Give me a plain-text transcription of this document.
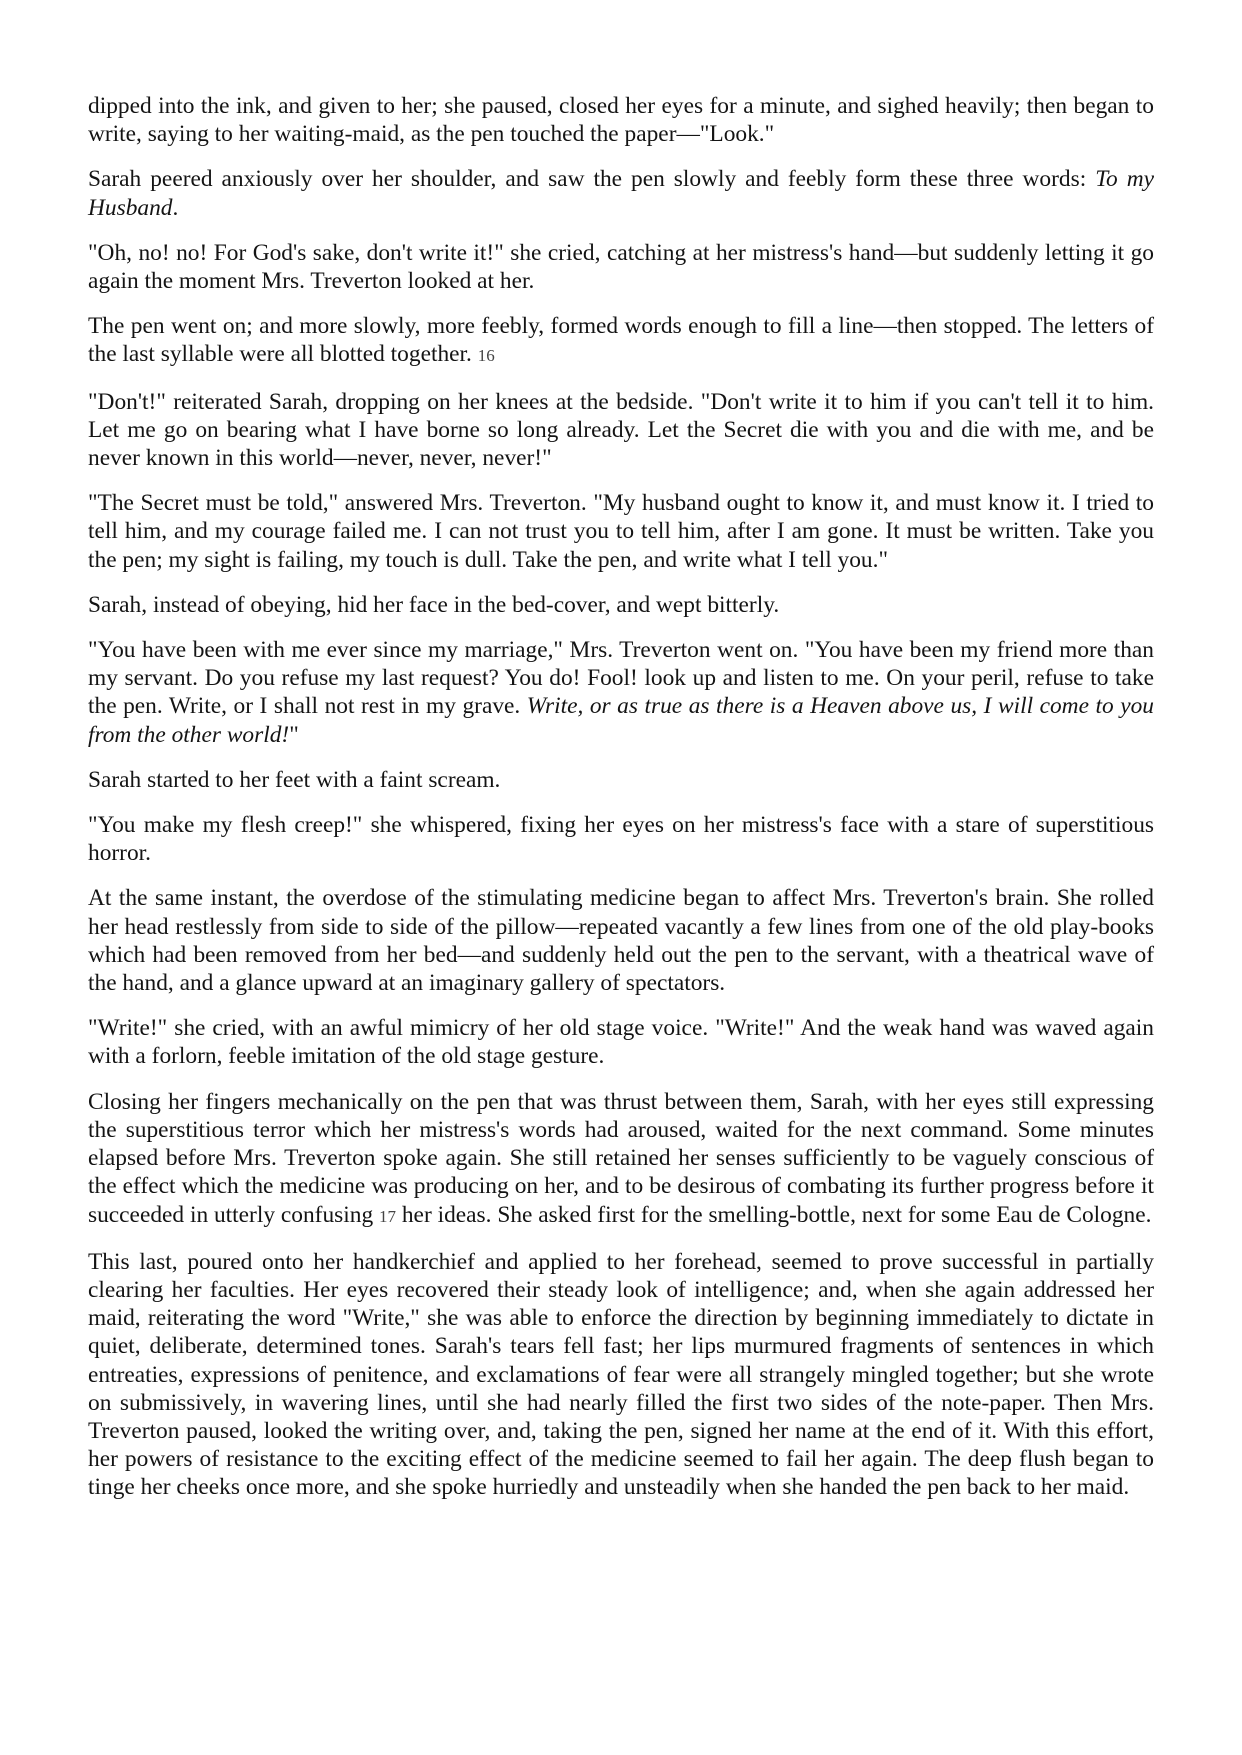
dipped into the ink, and given to her; she paused, closed her eyes for a minute, and sighed heavily; then began to write, saying to her waiting-maid, as the pen touched the paper—"Look."

Sarah peered anxiously over her shoulder, and saw the pen slowly and feebly form these three words: To my Husband.

"Oh, no! no! For God's sake, don't write it!" she cried, catching at her mistress's hand—but suddenly letting it go again the moment Mrs. Treverton looked at her.

The pen went on; and more slowly, more feebly, formed words enough to fill a line—then stopped. The letters of the last syllable were all blotted together. 16

"Don't!" reiterated Sarah, dropping on her knees at the bedside. "Don't write it to him if you can't tell it to him. Let me go on bearing what I have borne so long already. Let the Secret die with you and die with me, and be never known in this world—never, never, never!"

"The Secret must be told," answered Mrs. Treverton. "My husband ought to know it, and must know it. I tried to tell him, and my courage failed me. I can not trust you to tell him, after I am gone. It must be written. Take you the pen; my sight is failing, my touch is dull. Take the pen, and write what I tell you."

Sarah, instead of obeying, hid her face in the bed-cover, and wept bitterly.

"You have been with me ever since my marriage," Mrs. Treverton went on. "You have been my friend more than my servant. Do you refuse my last request? You do! Fool! look up and listen to me. On your peril, refuse to take the pen. Write, or I shall not rest in my grave. Write, or as true as there is a Heaven above us, I will come to you from the other world!"

Sarah started to her feet with a faint scream.

"You make my flesh creep!" she whispered, fixing her eyes on her mistress's face with a stare of superstitious horror.

At the same instant, the overdose of the stimulating medicine began to affect Mrs. Treverton's brain. She rolled her head restlessly from side to side of the pillow—repeated vacantly a few lines from one of the old play-books which had been removed from her bed—and suddenly held out the pen to the servant, with a theatrical wave of the hand, and a glance upward at an imaginary gallery of spectators.

"Write!" she cried, with an awful mimicry of her old stage voice. "Write!" And the weak hand was waved again with a forlorn, feeble imitation of the old stage gesture.

Closing her fingers mechanically on the pen that was thrust between them, Sarah, with her eyes still expressing the superstitious terror which her mistress's words had aroused, waited for the next command. Some minutes elapsed before Mrs. Treverton spoke again. She still retained her senses sufficiently to be vaguely conscious of the effect which the medicine was producing on her, and to be desirous of combating its further progress before it succeeded in utterly confusing 17 her ideas. She asked first for the smelling-bottle, next for some Eau de Cologne.

This last, poured onto her handkerchief and applied to her forehead, seemed to prove successful in partially clearing her faculties. Her eyes recovered their steady look of intelligence; and, when she again addressed her maid, reiterating the word "Write," she was able to enforce the direction by beginning immediately to dictate in quiet, deliberate, determined tones. Sarah's tears fell fast; her lips murmured fragments of sentences in which entreaties, expressions of penitence, and exclamations of fear were all strangely mingled together; but she wrote on submissively, in wavering lines, until she had nearly filled the first two sides of the note-paper. Then Mrs. Treverton paused, looked the writing over, and, taking the pen, signed her name at the end of it. With this effort, her powers of resistance to the exciting effect of the medicine seemed to fail her again. The deep flush began to tinge her cheeks once more, and she spoke hurriedly and unsteadily when she handed the pen back to her maid.
